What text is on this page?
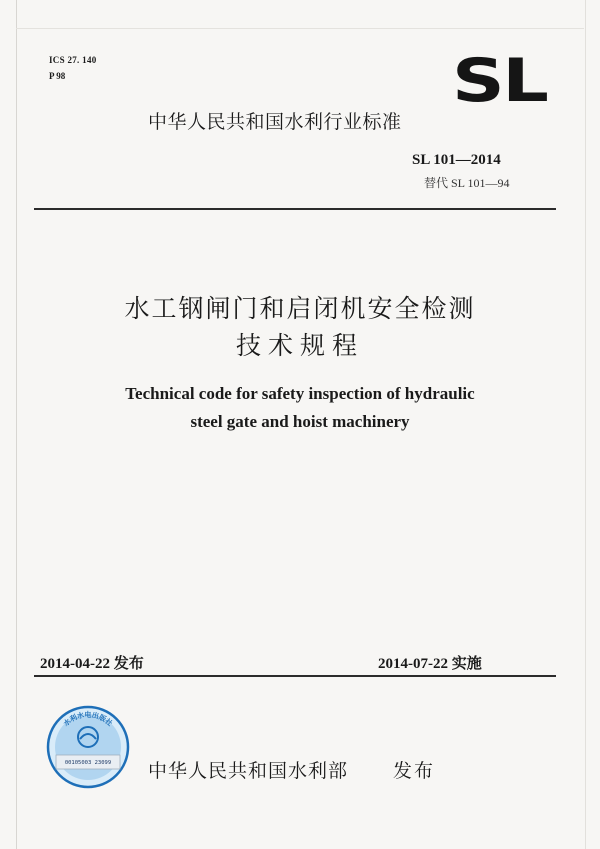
ICS 27. 140
P 98	SL
中华人民共和国水利行业标准
SL 101—2014
替代 SL 101—94
水工钢闸门和启闭机安全检测
技术规程
Technical code for safety inspection of hydraulic
steel gate and hoist machinery
2014-04-22 发布	2014-07-22 实施
水利水电出版社
00105003 23099 中华人民共和国水利部 发布
